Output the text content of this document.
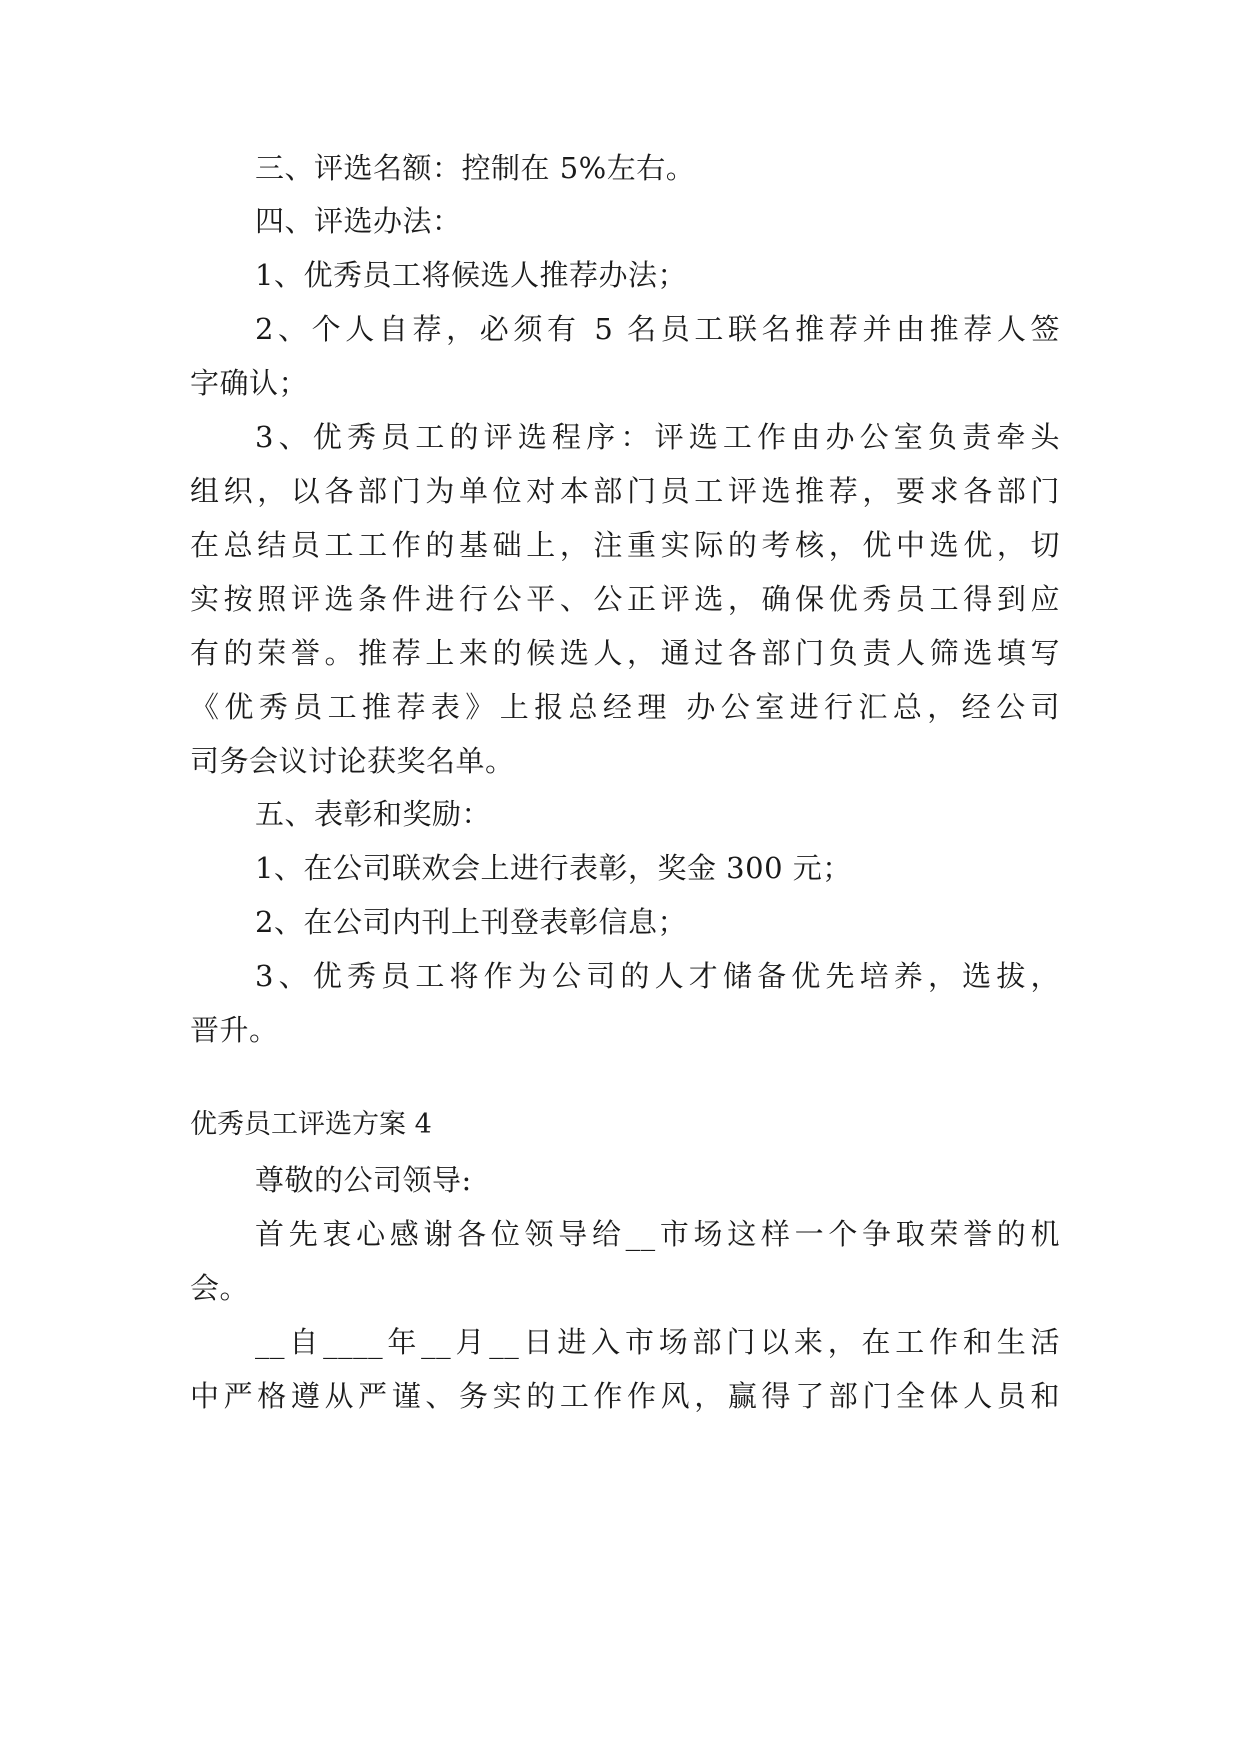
三、评选名额：控制在 5%左右。
四、评选办法：
1、优秀员工将候选人推荐办法；
2、个人自荐，必须有 5 名员工联名推荐并由推荐人签
字确认；
3、优秀员工的评选程序：评选工作由办公室负责牵头
组织，以各部门为单位对本部门员工评选推荐，要求各部门
在总结员工工作的基础上，注重实际的考核，优中选优，切
实按照评选条件进行公平、公正评选，确保优秀员工得到应
有的荣誉。推荐上来的候选人，通过各部门负责人筛选填写
《优秀员工推荐表》上报总经理 办公室进行汇总，经公司
司务会议讨论获奖名单。
五、表彰和奖励：
1、在公司联欢会上进行表彰，奖金 300 元；
2、在公司内刊上刊登表彰信息；
3、优秀员工将作为公司的人才储备优先培养，选拔，
晋升。
优秀员工评选方案 4
尊敬的公司领导:
首先衷心感谢各位领导给__市场这样一个争取荣誉的机
会。
__自____年__月__日进入市场部门以来，在工作和生活
中严格遵从严谨、务实的工作作风，赢得了部门全体人员和
